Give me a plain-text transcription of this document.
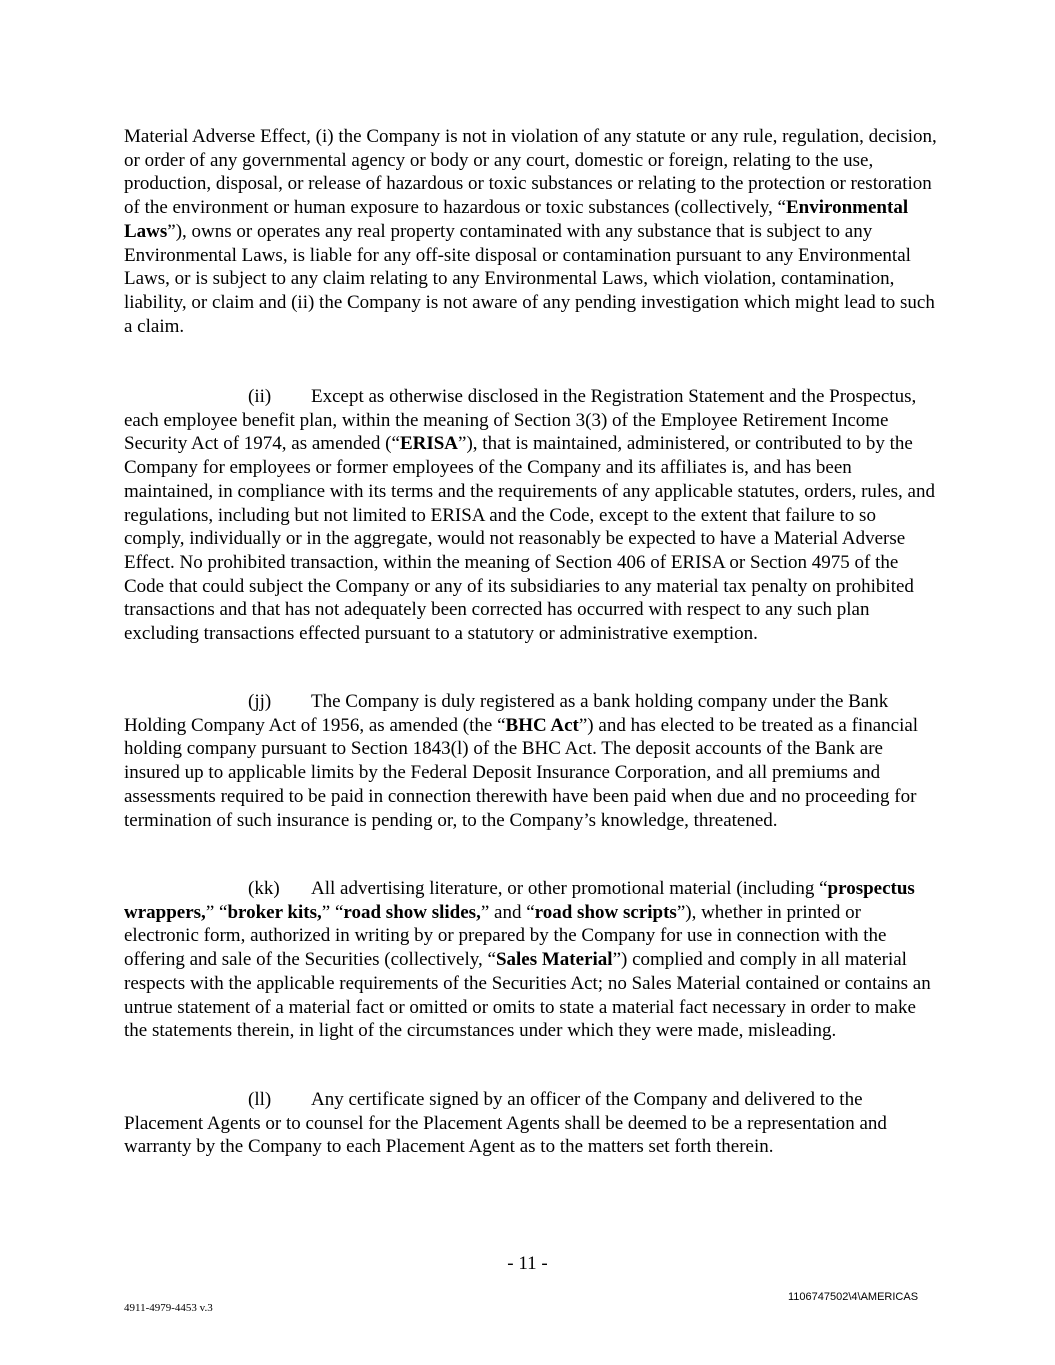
Material Adverse Effect, (i) the Company is not in violation of any statute or any rule, regulation, decision, or order of any governmental agency or body or any court, domestic or foreign, relating to the use, production, disposal, or release of hazardous or toxic substances or relating to the protection or restoration of the environment or human exposure to hazardous or toxic substances (collectively, “Environmental Laws”), owns or operates any real property contaminated with any substance that is subject to any Environmental Laws, is liable for any off-site disposal or contamination pursuant to any Environmental Laws, or is subject to any claim relating to any Environmental Laws, which violation, contamination, liability, or claim and (ii) the Company is not aware of any pending investigation which might lead to such a claim.

(ii) Except as otherwise disclosed in the Registration Statement and the Prospectus, each employee benefit plan, within the meaning of Section 3(3) of the Employee Retirement Income Security Act of 1974, as amended (“ERISA”), that is maintained, administered, or contributed to by the Company for employees or former employees of the Company and its affiliates is, and has been maintained, in compliance with its terms and the requirements of any applicable statutes, orders, rules, and regulations, including but not limited to ERISA and the Code, except to the extent that failure to so comply, individually or in the aggregate, would not reasonably be expected to have a Material Adverse Effect. No prohibited transaction, within the meaning of Section 406 of ERISA or Section 4975 of the Code that could subject the Company or any of its subsidiaries to any material tax penalty on prohibited transactions and that has not adequately been corrected has occurred with respect to any such plan excluding transactions effected pursuant to a statutory or administrative exemption.

(jj) The Company is duly registered as a bank holding company under the Bank Holding Company Act of 1956, as amended (the “BHC Act”) and has elected to be treated as a financial holding company pursuant to Section 1843(l) of the BHC Act. The deposit accounts of the Bank are insured up to applicable limits by the Federal Deposit Insurance Corporation, and all premiums and assessments required to be paid in connection therewith have been paid when due and no proceeding for termination of such insurance is pending or, to the Company’s knowledge, threatened.

(kk) All advertising literature, or other promotional material (including “prospectus wrappers,” “broker kits,” “road show slides,” and “road show scripts”), whether in printed or electronic form, authorized in writing by or prepared by the Company for use in connection with the offering and sale of the Securities (collectively, “Sales Material”) complied and comply in all material respects with the applicable requirements of the Securities Act; no Sales Material contained or contains an untrue statement of a material fact or omitted or omits to state a material fact necessary in order to make the statements therein, in light of the circumstances under which they were made, misleading.

(ll) Any certificate signed by an officer of the Company and delivered to the Placement Agents or to counsel for the Placement Agents shall be deemed to be a representation and warranty by the Company to each Placement Agent as to the matters set forth therein.

- 11 -
4911-4979-4453 v.3
1106747502\4\AMERICAS
